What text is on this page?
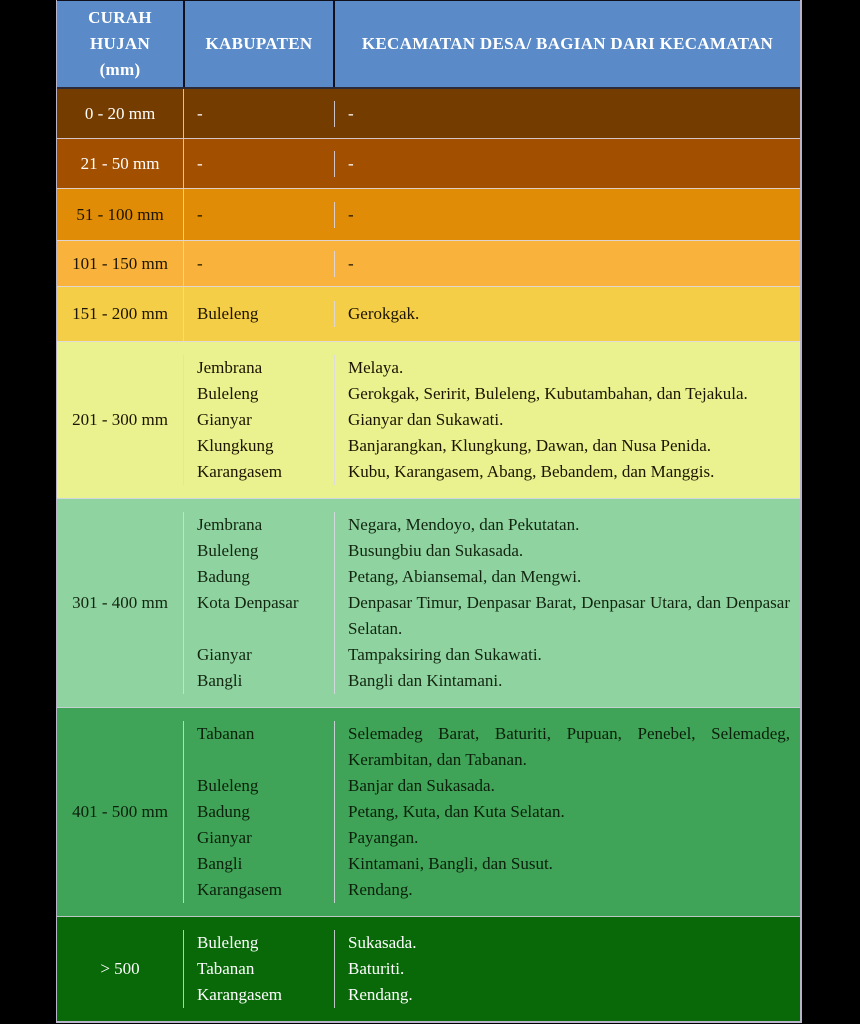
CURAH
HUJAN
(mm)
KABUPATEN	KECAMATAN DESA/ BAGIAN DARI KECAMATAN
0 - 20 mm	-	-
21 - 50 mm	-	-
51 - 100 mm	-	-
101 - 150 mm	-	-
151 - 200 mm	Buleleng	Gerokgak.
201 - 300 mm
Jembrana	Melaya.
Buleleng	Gerokgak, Seririt, Buleleng, Kubutambahan, dan Tejakula.
Gianyar	Gianyar dan Sukawati.
Klungkung	Banjarangkan, Klungkung, Dawan, dan Nusa Penida.
Karangasem	Kubu, Karangasem, Abang, Bebandem, dan Manggis.
301 - 400 mm
Jembrana	Negara, Mendoyo, dan Pekutatan.
Buleleng	Busungbiu dan Sukasada.
Badung	Petang, Abiansemal, dan Mengwi.
Kota Denpasar	Denpasar Timur, Denpasar Barat, Denpasar Utara, dan Denpasar Selatan.
Gianyar	Tampaksiring dan Sukawati.
Bangli	Bangli dan Kintamani.
401 - 500 mm
Tabanan	Selemadeg Barat, Baturiti, Pupuan, Penebel, Selemadeg, Kerambitan, dan Tabanan.
Buleleng	Banjar dan Sukasada.
Badung	Petang, Kuta, dan Kuta Selatan.
Gianyar	Payangan.
Bangli	Kintamani, Bangli, dan Susut.
Karangasem	Rendang.
> 500
Buleleng	Sukasada.
Tabanan	Baturiti.
Karangasem	Rendang.
